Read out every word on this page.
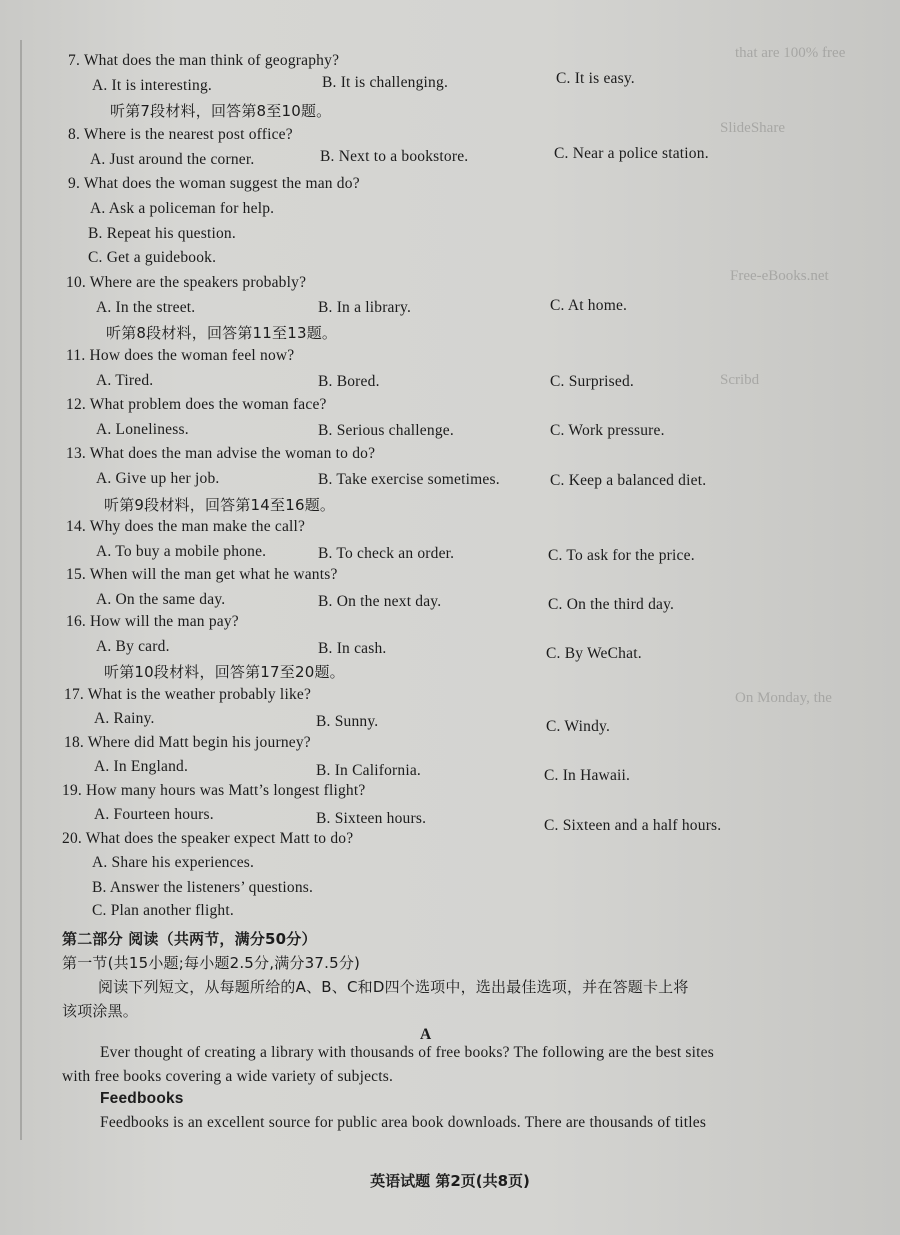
that are 100% free
SlideShare
Free-eBooks.net
Scribd
On Monday, the
7. What does the man think of geography?
A. It is interesting.	B. It is challenging.	C. It is easy.
听第7段材料，回答第8至10题。
8. Where is the nearest post office?
A. Just around the corner.	B. Next to a bookstore.	C. Near a police station.
9. What does the woman suggest the man do?
A. Ask a policeman for help.
B. Repeat his question.
C. Get a guidebook.
10. Where are the speakers probably?
A. In the street.	B. In a library.	C. At home.
听第8段材料，回答第11至13题。
11. How does the woman feel now?
A. Tired.	B. Bored.	C. Surprised.
12. What problem does the woman face?
A. Loneliness.	B. Serious challenge.	C. Work pressure.
13. What does the man advise the woman to do?
A. Give up her job.	B. Take exercise sometimes.	C. Keep a balanced diet.
听第9段材料，回答第14至16题。
14. Why does the man make the call?
A. To buy a mobile phone.	B. To check an order.	C. To ask for the price.
15. When will the man get what he wants?
A. On the same day.	B. On the next day.	C. On the third day.
16. How will the man pay?
A. By card.	B. In cash.	C. By WeChat.
听第10段材料，回答第17至20题。
17. What is the weather probably like?
A. Rainy.	B. Sunny.	C. Windy.
18. Where did Matt begin his journey?
A. In England.	B. In California.	C. In Hawaii.
19. How many hours was Matt’s longest flight?
A. Fourteen hours.	B. Sixteen hours.	C. Sixteen and a half hours.
20. What does the speaker expect Matt to do?
A. Share his experiences.
B. Answer the listeners’ questions.
C. Plan another flight.
第二部分 阅读（共两节，满分50分）
第一节(共15小题;每小题2.5分,满分37.5分)
阅读下列短文，从每题所给的A、B、C和D四个选项中，选出最佳选项，并在答题卡上将
该项涂黑。
A
Ever thought of creating a library with thousands of free books? The following are the best sites
with free books covering a wide variety of subjects.
Feedbooks
Feedbooks is an excellent source for public area book downloads. There are thousands of titles
英语试题 第2页(共8页)
